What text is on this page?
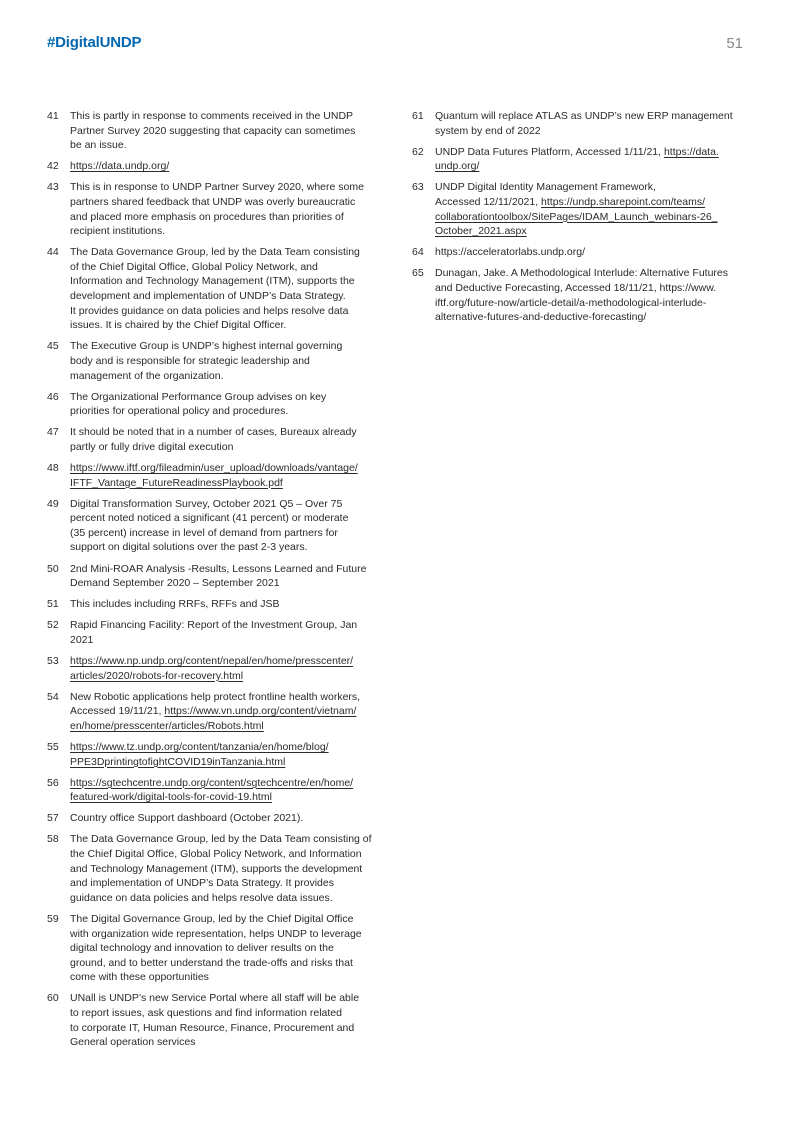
#DigitalUNDP	51
41	This is partly in response to comments received in the UNDP
Partner Survey 2020 suggesting that capacity can sometimes
be an issue.
42	https://data.undp.org/
43	This is in response to UNDP Partner Survey 2020, where some
partners shared feedback that UNDP was overly bureaucratic
and placed more emphasis on procedures than priorities of
recipient institutions.
44	The Data Governance Group, led by the Data Team consisting
of the Chief Digital Office, Global Policy Network, and
Information and Technology Management (ITM), supports the
development and implementation of UNDP’s Data Strategy.
It provides guidance on data policies and helps resolve data
issues. It is chaired by the Chief Digital Officer.
45	The Executive Group is UNDP’s highest internal governing
body and is responsible for strategic leadership and
management of the organization.
46	The Organizational Performance Group advises on key
priorities for operational policy and procedures.
47	It should be noted that in a number of cases, Bureaux already
partly or fully drive digital execution
48	https://www.iftf.org/fileadmin/user_upload/downloads/vantage/
IFTF_Vantage_FutureReadinessPlaybook.pdf
49	Digital Transformation Survey, October 2021 Q5 – Over 75
percent noted noticed a significant (41 percent) or moderate
(35 percent) increase in level of demand from partners for
support on digital solutions over the past 2-3 years.
50	2nd Mini-ROAR Analysis -Results, Lessons Learned and Future
Demand September 2020 – September 2021
51	This includes including RRFs, RFFs and JSB
52	Rapid Financing Facility: Report of the Investment Group, Jan
2021
53	https://www.np.undp.org/content/nepal/en/home/presscenter/
articles/2020/robots-for-recovery.html
54	New Robotic applications help protect frontline health workers,
Accessed 19/11/21, https://www.vn.undp.org/content/vietnam/
en/home/presscenter/articles/Robots.html
55	https://www.tz.undp.org/content/tanzania/en/home/blog/
PPE3DprintingtofightCOVID19inTanzania.html
56	https://sgtechcentre.undp.org/content/sgtechcentre/en/home/
featured-work/digital-tools-for-covid-19.html
57	Country office Support dashboard (October 2021).
58	The Data Governance Group, led by the Data Team consisting of
the Chief Digital Office, Global Policy Network, and Information
and Technology Management (ITM), supports the development
and implementation of UNDP’s Data Strategy. It provides
guidance on data policies and helps resolve data issues.
59	The Digital Governance Group, led by the Chief Digital Office
with organization wide representation, helps UNDP to leverage
digital technology and innovation to deliver results on the
ground, and to better understand the trade-offs and risks that
come with these opportunities
60	UNall is UNDP’s new Service Portal where all staff will be able
to report issues, ask questions and find information related
to corporate IT, Human Resource, Finance, Procurement and
General operation services
61	Quantum will replace ATLAS as UNDP’s new ERP management
system by end of 2022
62	UNDP Data Futures Platform, Accessed 1/11/21, https://data.
undp.org/
63	UNDP Digital Identity Management Framework,
Accessed 12/11/2021, https://undp.sharepoint.com/teams/
collaborationtoolbox/SitePages/IDAM_Launch_webinars-26_
October_2021.aspx
64	https://acceleratorlabs.undp.org/
65	Dunagan, Jake. A Methodological Interlude: Alternative Futures
and Deductive Forecasting, Accessed 18/11/21, https://www.
iftf.org/future-now/article-detail/a-methodological-interlude-
alternative-futures-and-deductive-forecasting/
